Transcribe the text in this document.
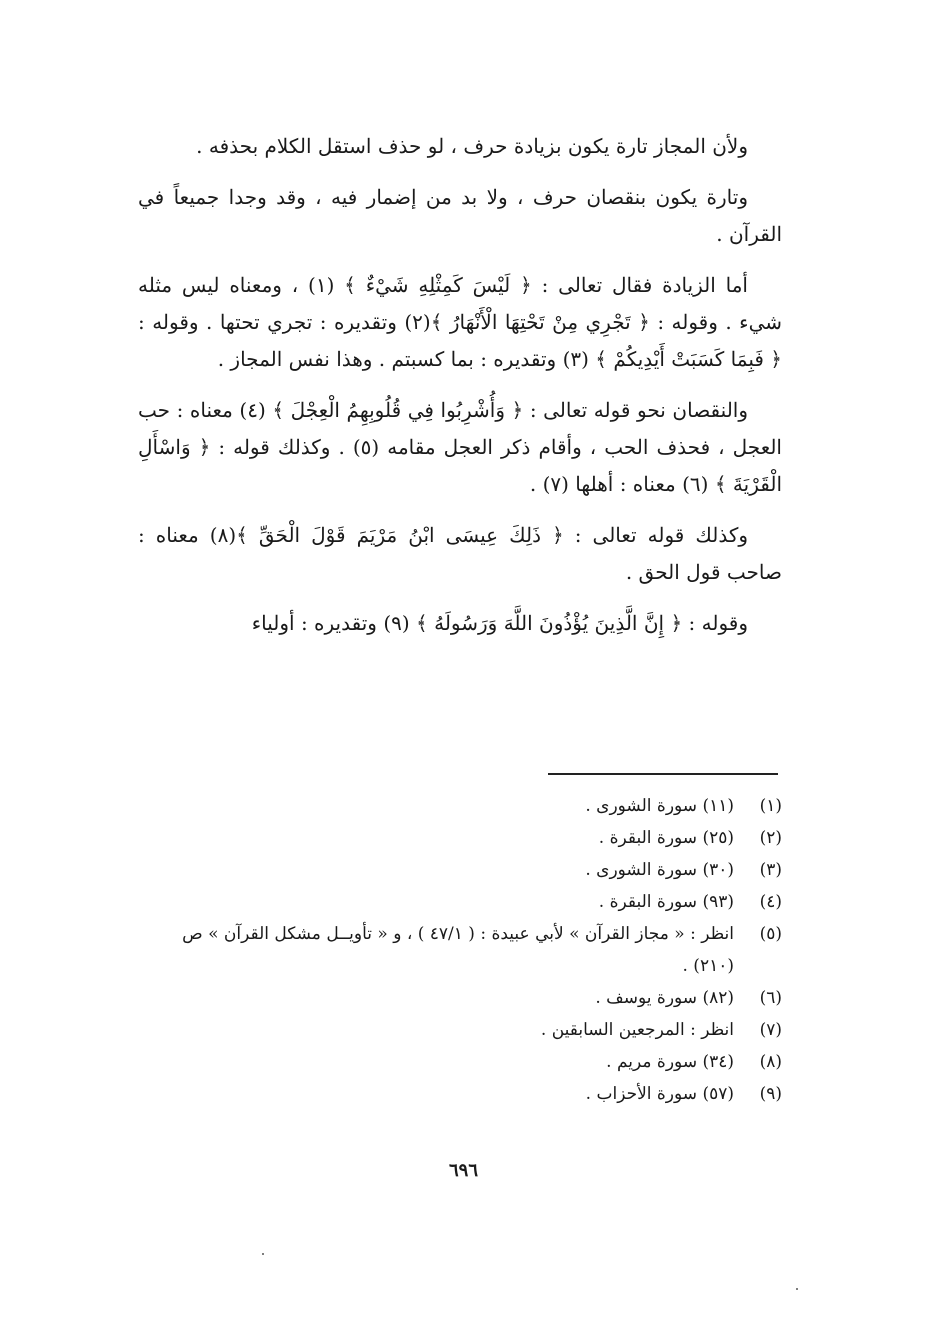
ولأن المجاز تارة يكون بزيادة حرف ، لو حذف استقل الكلام بحذفه .

وتارة يكون بنقصان حرف ، ولا بد من إضمار فيه ، وقد وجدا جميعاً في القرآن .

أما الزيادة فقال تعالى : ﴿ لَيْسَ كَمِثْلِهِ شَيْءٌ ﴾ (١) ، ومعناه ليس مثله شيء . وقوله : ﴿ تَجْرِي مِنْ تَحْتِهَا الْأَنْهَارُ ﴾(٢) وتقديره : تجري تحتها . وقوله : ﴿ فَبِمَا كَسَبَتْ أَيْدِيكُمْ ﴾ (٣) وتقديره : بما كسبتم . وهذا نفس المجاز .

والنقصان نحو قوله تعالى : ﴿ وَأُشْرِبُوا فِي قُلُوبِهِمُ الْعِجْلَ ﴾ (٤) معناه : حب العجل ، فحذف الحب ، وأقام ذكر العجل مقامه (٥) . وكذلك قوله : ﴿ وَاسْأَلِ الْقَرْيَةَ ﴾ (٦) معناه : أهلها (٧) .

وكذلك قوله تعالى : ﴿ ذَلِكَ عِيسَى ابْنُ مَرْيَمَ قَوْلَ الْحَقِّ ﴾(٨) معناه : صاحب قول الحق .

وقوله : ﴿ إِنَّ الَّذِينَ يُؤْذُونَ اللَّهَ وَرَسُولَهُ ﴾ (٩) وتقديره : أولياء

(١)
(١١) سورة الشورى .
(٢)
(٢٥) سورة البقرة .
(٣)
(٣٠) سورة الشورى .
(٤)
(٩٣) سورة البقرة .
(٥)
انظر : « مجاز القرآن » لأبي عبيدة : ( ٤٧/١ ) ، و « تأويــل مشكل القرآن » ص (٢١٠) .
(٦)
(٨٢) سورة يوسف .
(٧)
انظر : المرجعين السابقين .
(٨)
(٣٤) سورة مريم .
(٩)
(٥٧) سورة الأحزاب .
٦٩٦
